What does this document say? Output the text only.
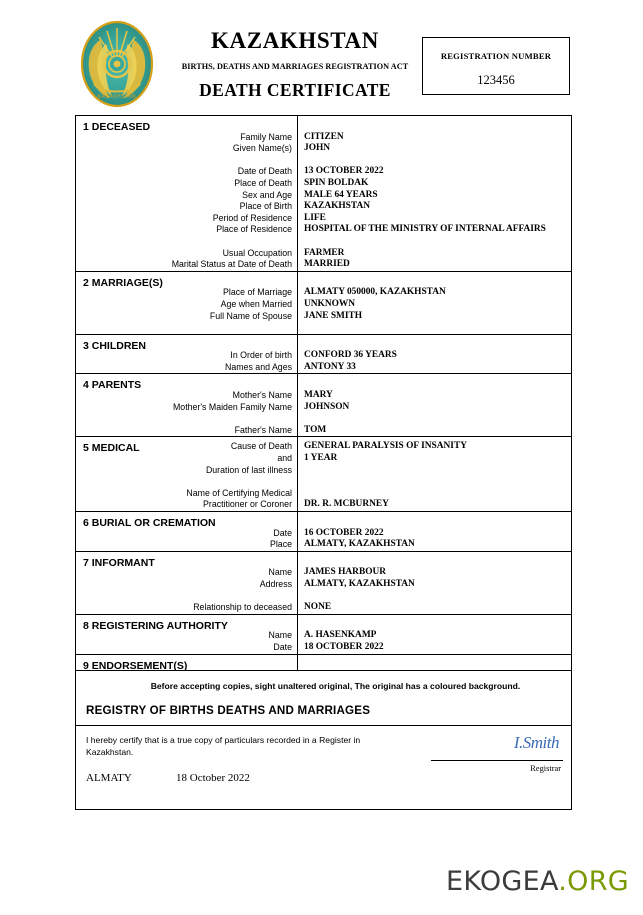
KAZAKHSTAN
KAZAKHSTAN
BIRTHS, DEATHS AND MARRIAGES REGISTRATION ACT
DEATH CERTIFICATE
REGISTRATION NUMBER
123456
1 DECEASED
Family Name
Given Name(s)
Date of Death
Place of Death
Sex and Age
Place of Birth
Period of Residence
Place of Residence
Usual Occupation
Marital Status at Date of Death
CITIZEN
JOHN
13 OCTOBER 2022
SPIN BOLDAK
MALE 64 YEARS
KAZAKHSTAN
LIFE
HOSPITAL OF THE MINISTRY OF INTERNAL AFFAIRS
FARMER
MARRIED
2 MARRIAGE(S)
Place of Marriage
Age when Married
Full Name of Spouse
ALMATY 050000, KAZAKHSTAN
UNKNOWN
JANE SMITH
3 CHILDREN
In Order of birth
Names and Ages
CONFORD 36 YEARS
ANTONY 33
4 PARENTS
Mother's Name
Mother's Maiden Family Name
Father's Name
MARY
JOHNSON
TOM
5 MEDICAL	Cause of Death
and
Duration of last illness
Name of Certifying Medical
Practitioner or Coroner
GENERAL PARALYSIS OF INSANITY
1 YEAR
DR. R. MCBURNEY
6 BURIAL OR CREMATION
Date
Place
16 OCTOBER 2022
ALMATY, KAZAKHSTAN
7 INFORMANT
Name
Address
Relationship to deceased
JAMES HARBOUR
ALMATY, KAZAKHSTAN
NONE
8 REGISTERING AUTHORITY
Name
Date
A. HASENKAMP
18 OCTOBER 2022
9 ENDORSEMENT(S)
Before accepting copies, sight unaltered original, The original has a coloured background.
REGISTRY OF BIRTHS DEATHS AND MARRIAGES
I hereby certify that is a true copy of particulars recorded in a Register in Kazakhstan.
ALMATY	18 October 2022
I.Smith
Registrar
EKOGEA.ORG
